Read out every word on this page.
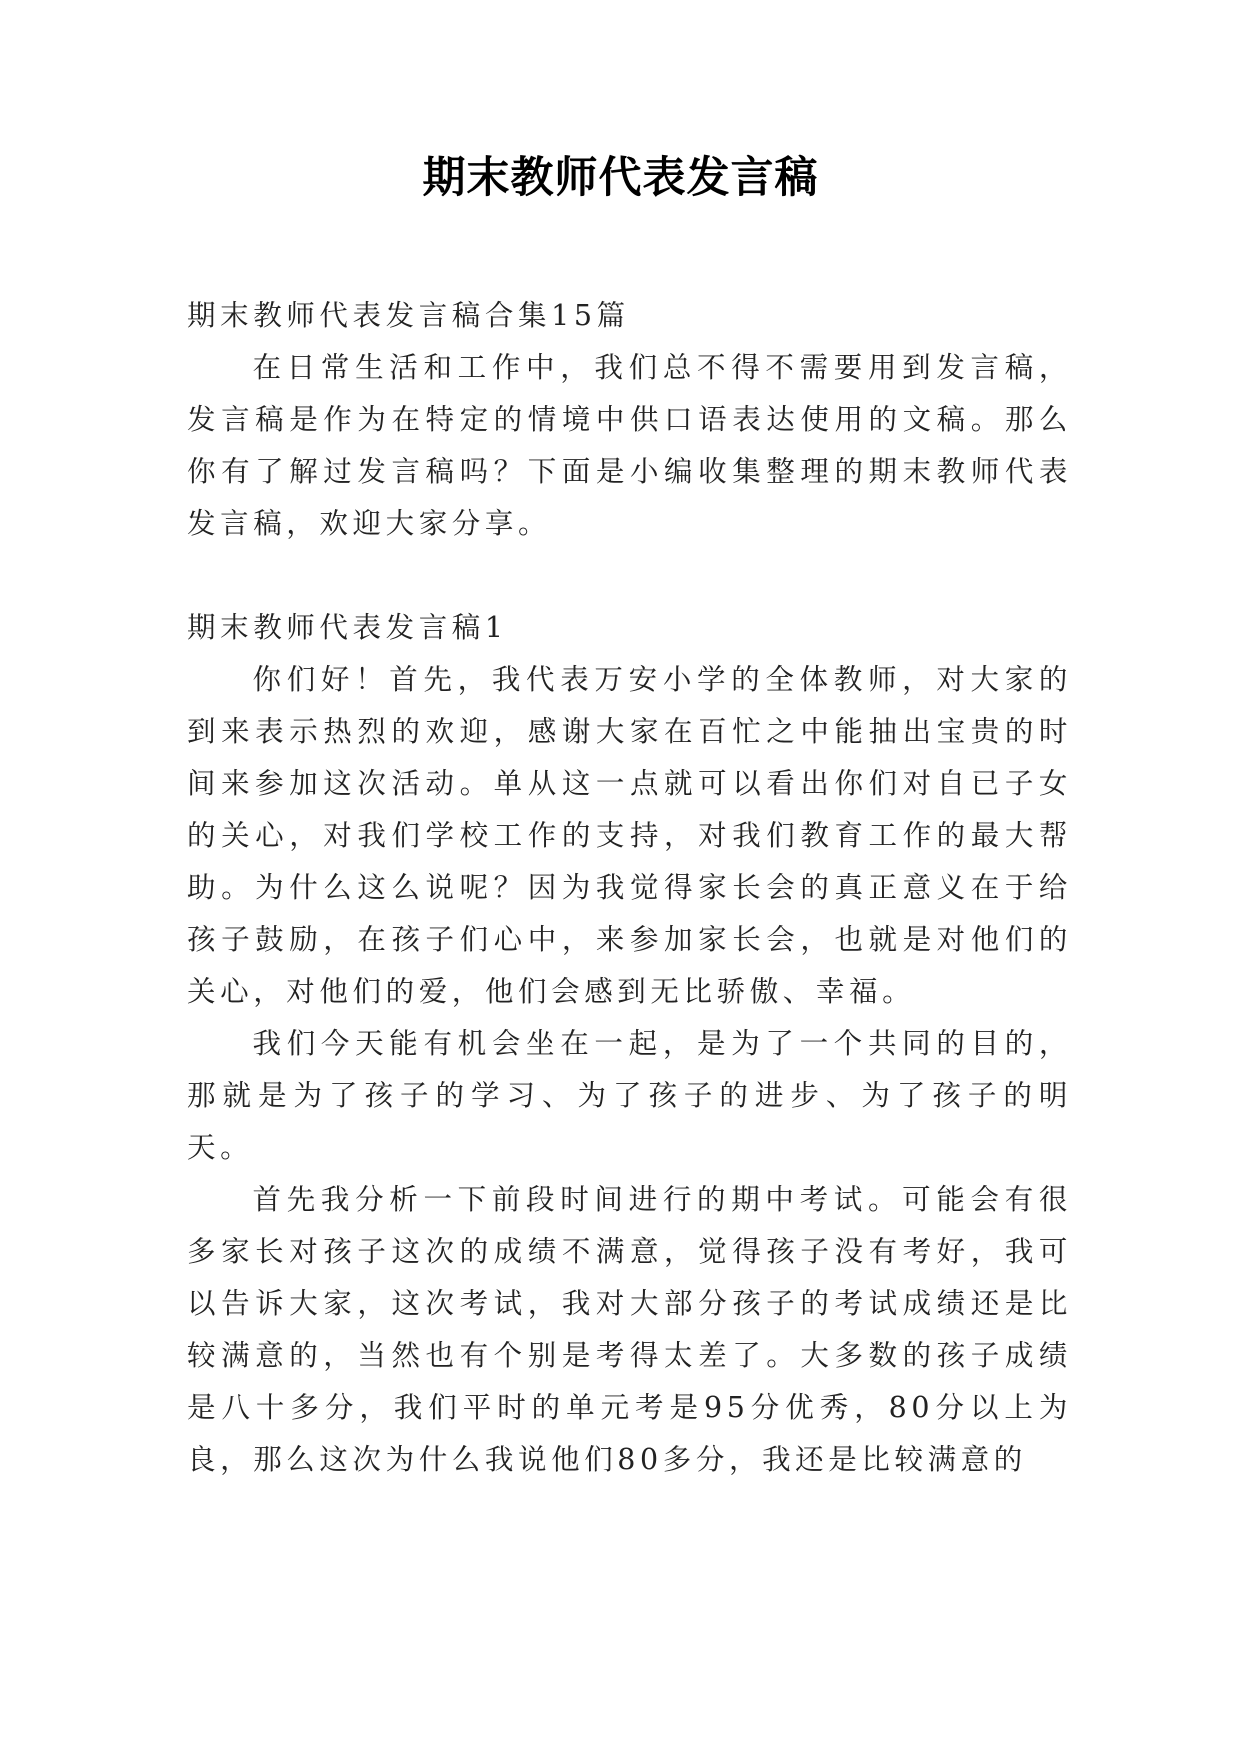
期末教师代表发言稿

期末教师代表发言稿合集15篇

在日常生活和工作中，我们总不得不需要用到发言稿，发言稿是作为在特定的情境中供口语表达使用的文稿。那么你有了解过发言稿吗？下面是小编收集整理的期末教师代表发言稿，欢迎大家分享。

期末教师代表发言稿1

你们好！首先，我代表万安小学的全体教师，对大家的到来表示热烈的欢迎，感谢大家在百忙之中能抽出宝贵的时间来参加这次活动。单从这一点就可以看出你们对自已子女的关心，对我们学校工作的支持，对我们教育工作的最大帮助。为什么这么说呢？因为我觉得家长会的真正意义在于给孩子鼓励，在孩子们心中，来参加家长会，也就是对他们的关心，对他们的爱，他们会感到无比骄傲、幸福。

我们今天能有机会坐在一起，是为了一个共同的目的，那就是为了孩子的学习、为了孩子的进步、为了孩子的明天。

首先我分析一下前段时间进行的期中考试。可能会有很多家长对孩子这次的成绩不满意，觉得孩子没有考好，我可以告诉大家，这次考试，我对大部分孩子的考试成绩还是比较满意的，当然也有个别是考得太差了。大多数的孩子成绩是八十多分，我们平时的单元考是95分优秀，80分以上为良，那么这次为什么我说他们80多分，我还是比较满意的
